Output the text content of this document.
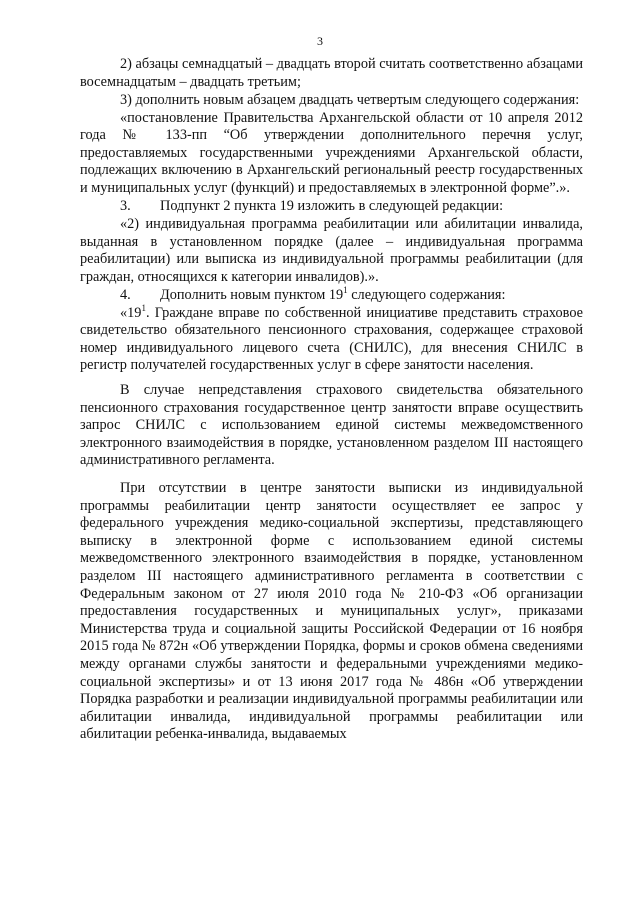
3

2) абзацы семнадцатый – двадцать второй считать соответственно абзацами восемнадцатым – двадцать третьим;

3) дополнить новым абзацем двадцать четвертым следующего содержания:

«постановление Правительства Архангельской области от 10 апреля 2012 года № 133-пп “Об утверждении дополнительного перечня услуг, предоставляемых государственными учреждениями Архангельской области, подлежащих включению в Архангельский региональный реестр государственных и муниципальных услуг (функций) и предоставляемых в электронной форме”.».

3. Подпункт 2 пункта 19 изложить в следующей редакции:

«2) индивидуальная программа реабилитации или абилитации инвалида, выданная в установленном порядке (далее – индивидуальная программа реабилитации) или выписка из индивидуальной программы реабилитации (для граждан, относящихся к категории инвалидов).».

4. Дополнить новым пунктом $19^1$ следующего содержания:

«$19^1$. Граждане вправе по собственной инициативе представить страховое свидетельство обязательного пенсионного страхования, содержащее страховой номер индивидуального лицевого счета (СНИЛС), для внесения СНИЛС в регистр получателей государственных услуг в сфере занятости населения.

В случае непредставления страхового свидетельства обязательного пенсионного страхования государственное центр занятости вправе осуществить запрос СНИЛС с использованием единой системы межведомственного электронного взаимодействия в порядке, установленном разделом III настоящего административного регламента.

При отсутствии в центре занятости выписки из индивидуальной программы реабилитации центр занятости осуществляет ее запрос у федерального учреждения медико-социальной экспертизы, представляющего выписку в электронной форме с использованием единой системы межведомственного электронного взаимодействия в порядке, установленном разделом III настоящего административного регламента в соответствии с Федеральным законом от 27 июля 2010 года № 210-ФЗ «Об организации предоставления государственных и муниципальных услуг», приказами Министерства труда и социальной защиты Российской Федерации от 16 ноября 2015 года № 872н «Об утверждении Порядка, формы и сроков обмена сведениями между органами службы занятости и федеральными учреждениями медико-социальной экспертизы» и от 13 июня 2017 года № 486н «Об утверждении Порядка разработки и реализации индивидуальной программы реабилитации или абилитации инвалида, индивидуальной программы реабилитации или абилитации ребенка-инвалида, выдаваемых
